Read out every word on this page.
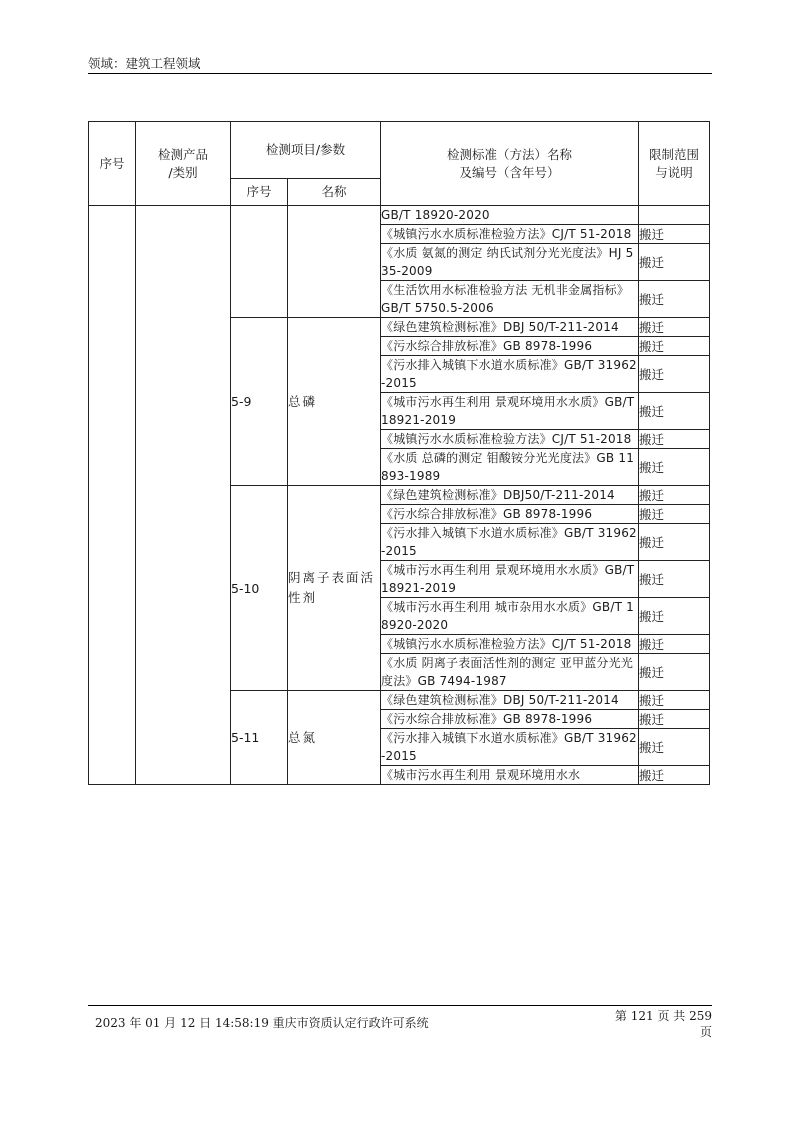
领域：建筑工程领域
序号	检测产品
/类别	检测项目/参数		检测标准（方法）名称
及编号（含年号）	限制范围
与说明
		序号	名称		
				GB/T 18920-2020	
				《城镇污水水质标准检验方法》CJ/T 51-2018	搬迁
				《水质 氨氮的测定 纳氏试剂分光光度法》HJ 535-2009	搬迁
				《生活饮用水标准检验方法 无机非金属指标》GB/T 5750.5-2006	搬迁
		5-9	总磷	《绿色建筑检测标准》DBJ 50/T-211-2014	搬迁
				《污水综合排放标准》GB 8978-1996	搬迁
				《污水排入城镇下水道水质标准》GB/T 31962-2015	搬迁
				《城市污水再生利用 景观环境用水水质》GB/T 18921-2019	搬迁
				《城镇污水水质标准检验方法》CJ/T 51-2018	搬迁
				《水质 总磷的测定 钼酸铵分光光度法》GB 11893-1989	搬迁
		5-10	阴离子表面活性剂	《绿色建筑检测标准》DBJ50/T-211-2014	搬迁
				《污水综合排放标准》GB 8978-1996	搬迁
				《污水排入城镇下水道水质标准》GB/T 31962-2015	搬迁
				《城市污水再生利用 景观环境用水水质》GB/T 18921-2019	搬迁
				《城市污水再生利用 城市杂用水水质》GB/T 18920-2020	搬迁
				《城镇污水水质标准检验方法》CJ/T 51-2018	搬迁
				《水质 阴离子表面活性剂的测定 亚甲蓝分光光度法》GB 7494-1987	搬迁
		5-11	总氮	《绿色建筑检测标准》DBJ 50/T-211-2014	搬迁
				《污水综合排放标准》GB 8978-1996	搬迁
				《污水排入城镇下水道水质标准》GB/T 31962-2015	搬迁
				《城市污水再生利用 景观环境用水水	搬迁
2023 年 01 月 12 日 14:58:19 重庆市资质认定行政许可系统	第 121 页 共 259
页
